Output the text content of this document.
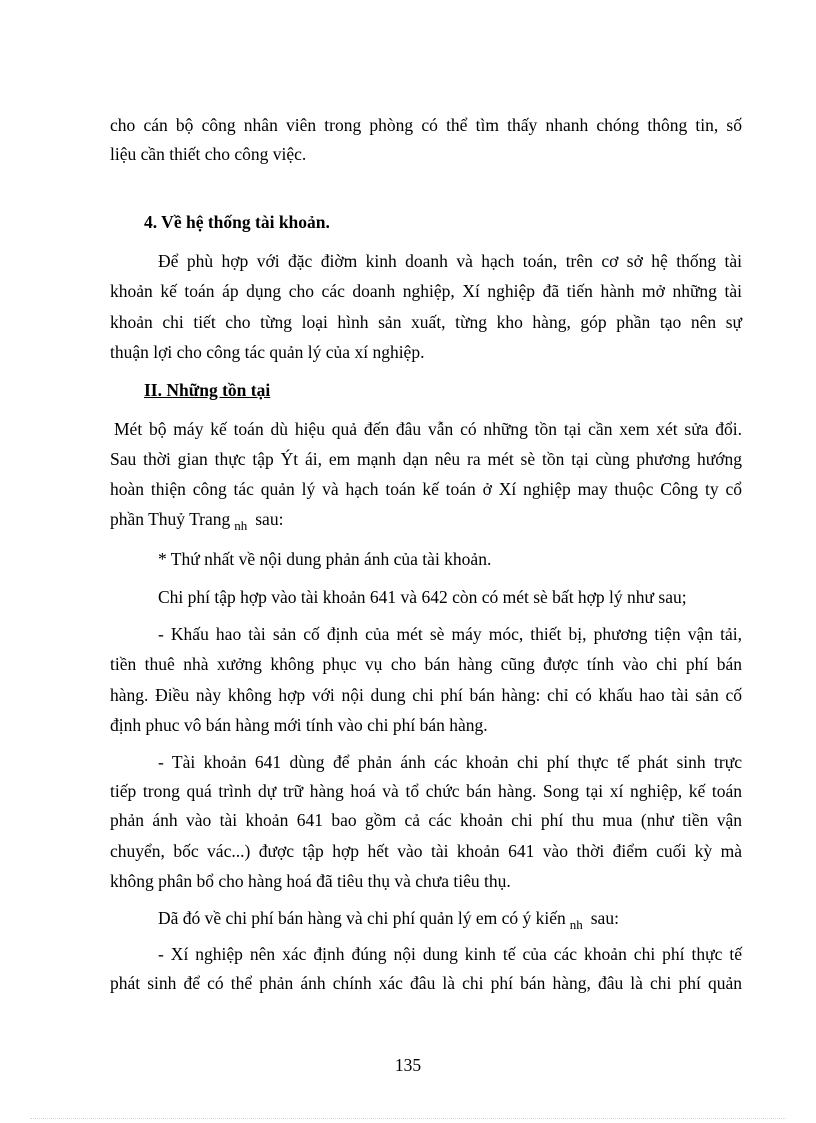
cho cán bộ công nhân viên trong phòng có thể tìm thấy nhanh chóng thông tin, số
liệu cần thiết cho công việc.
4. Về hệ thống tài khoản.
Để phù hợp với đặc điờm kinh doanh và hạch toán, trên cơ sở hệ thống tài
khoản kế toán áp dụng cho các doanh nghiệp, Xí nghiệp đã tiến hành mở những tài
khoản chi tiết cho từng loại hình sản xuất, từng kho hàng, góp phần tạo nên sự
thuận lợi cho công tác quản lý của xí nghiệp.
II. Những tồn tại
Mét bộ máy kế toán dù hiệu quả đến đâu vẫn có những tồn tại cần xem xét sửa đổi.
Sau thời gian thực tập Ýt ái, em mạnh dạn nêu ra mét sè tồn tại cùng phương hướng
hoàn thiện công tác quản lý và hạch toán kế toán ở Xí nghiệp may thuộc Công ty cổ
phần Thuỷ Trang $_{nh}$ sau:
* Thứ nhất về nội dung phản ánh của tài khoản.
Chi phí tập hợp vào tài khoản 641 và 642 còn có mét sè bất hợp lý như sau;
- Khấu hao tài sản cố định của mét sè máy móc, thiết bị, phương tiện vận tải,
tiền thuê nhà xưởng không phục vụ cho bán hàng cũng được tính vào chi phí bán
hàng. Điều này không hợp với nội dung chi phí bán hàng: chỉ có khấu hao tài sản cố
định phuc vô bán hàng mới tính vào chi phí bán hàng.
- Tài khoản 641 dùng để phản ánh các khoản chi phí thực tế phát sinh trực
tiếp trong quá trình dự trữ hàng hoá và tổ chức bán hàng. Song tại xí nghiệp, kế toán
phản ánh vào tài khoản 641 bao gồm cả các khoản chi phí thu mua (như tiền vận
chuyển, bốc vác...) được tập hợp hết vào tài khoản 641 vào thời điểm cuối kỳ mà
không phân bổ cho hàng hoá đã tiêu thụ và chưa tiêu thụ.
Dã đó về chi phí bán hàng và chi phí quản lý em có ý kiến $_{nh}$ sau:
- Xí nghiệp nên xác định đúng nội dung kinh tế của các khoản chi phí thực tế
phát sinh để có thể phản ánh chính xác đâu là chi phí bán hàng, đâu là chi phí quản
135
